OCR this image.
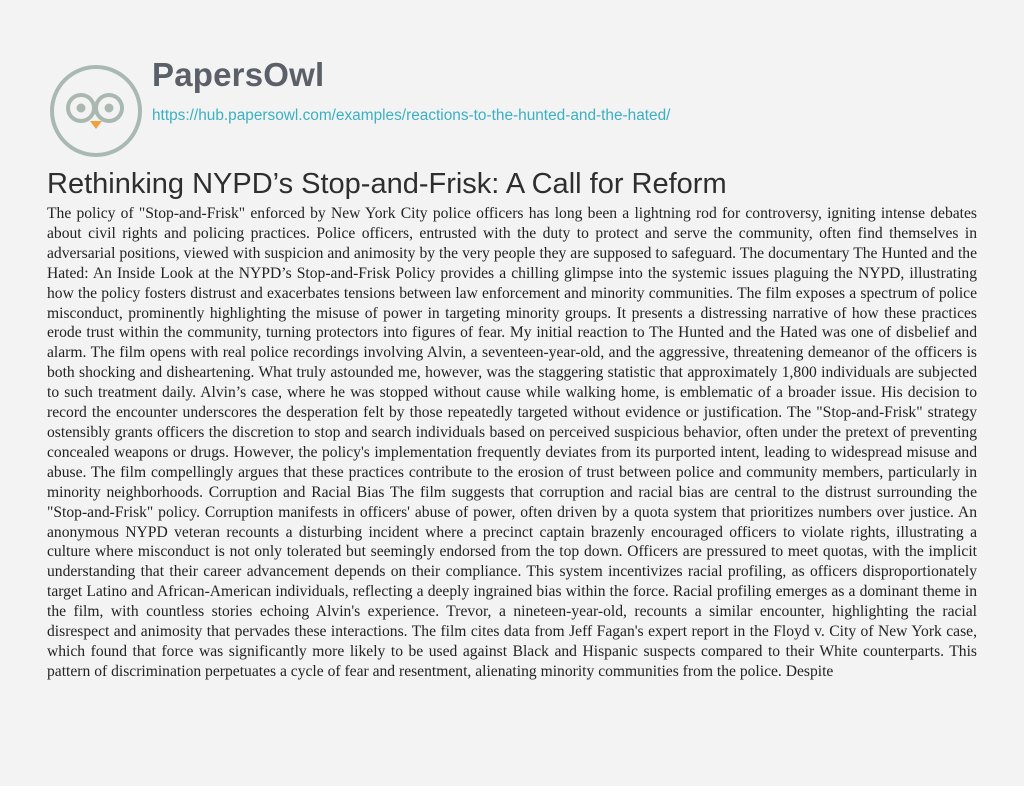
PapersOwl
https://hub.papersowl.com/examples/reactions-to-the-hunted-and-the-hated/
Rethinking NYPD’s Stop-and-Frisk: A Call for Reform

The policy of "Stop-and-Frisk" enforced by New York City police officers has long been a lightning rod for controversy, igniting intense debates about civil rights and policing practices. Police officers, entrusted with the duty to protect and serve the community, often find themselves in adversarial positions, viewed with suspicion and animosity by the very people they are supposed to safeguard. The documentary The Hunted and the Hated: An Inside Look at the NYPD’s Stop-and-Frisk Policy provides a chilling glimpse into the systemic issues plaguing the NYPD, illustrating how the policy fosters distrust and exacerbates tensions between law enforcement and minority communities. The film exposes a spectrum of police misconduct, prominently highlighting the misuse of power in targeting minority groups. It presents a distressing narrative of how these practices erode trust within the community, turning protectors into figures of fear. My initial reaction to The Hunted and the Hated was one of disbelief and alarm. The film opens with real police recordings involving Alvin, a seventeen-year-old, and the aggressive, threatening demeanor of the officers is both shocking and disheartening. What truly astounded me, however, was the staggering statistic that approximately 1,800 individuals are subjected to such treatment daily. Alvin’s case, where he was stopped without cause while walking home, is emblematic of a broader issue. His decision to record the encounter underscores the desperation felt by those repeatedly targeted without evidence or justification. The "Stop-and-Frisk" strategy ostensibly grants officers the discretion to stop and search individuals based on perceived suspicious behavior, often under the pretext of preventing concealed weapons or drugs. However, the policy's implementation frequently deviates from its purported intent, leading to widespread misuse and abuse. The film compellingly argues that these practices contribute to the erosion of trust between police and community members, particularly in minority neighborhoods. Corruption and Racial Bias The film suggests that corruption and racial bias are central to the distrust surrounding the "Stop-and-Frisk" policy. Corruption manifests in officers' abuse of power, often driven by a quota system that prioritizes numbers over justice. An anonymous NYPD veteran recounts a disturbing incident where a precinct captain brazenly encouraged officers to violate rights, illustrating a culture where misconduct is not only tolerated but seemingly endorsed from the top down. Officers are pressured to meet quotas, with the implicit understanding that their career advancement depends on their compliance. This system incentivizes racial profiling, as officers disproportionately target Latino and African-American individuals, reflecting a deeply ingrained bias within the force. Racial profiling emerges as a dominant theme in the film, with countless stories echoing Alvin's experience. Trevor, a nineteen-year-old, recounts a similar encounter, highlighting the racial disrespect and animosity that pervades these interactions. The film cites data from Jeff Fagan's expert report in the Floyd v. City of New York case, which found that force was significantly more likely to be used against Black and Hispanic suspects compared to their White counterparts. This pattern of discrimination perpetuates a cycle of fear and resentment, alienating minority communities from the police. Despite
